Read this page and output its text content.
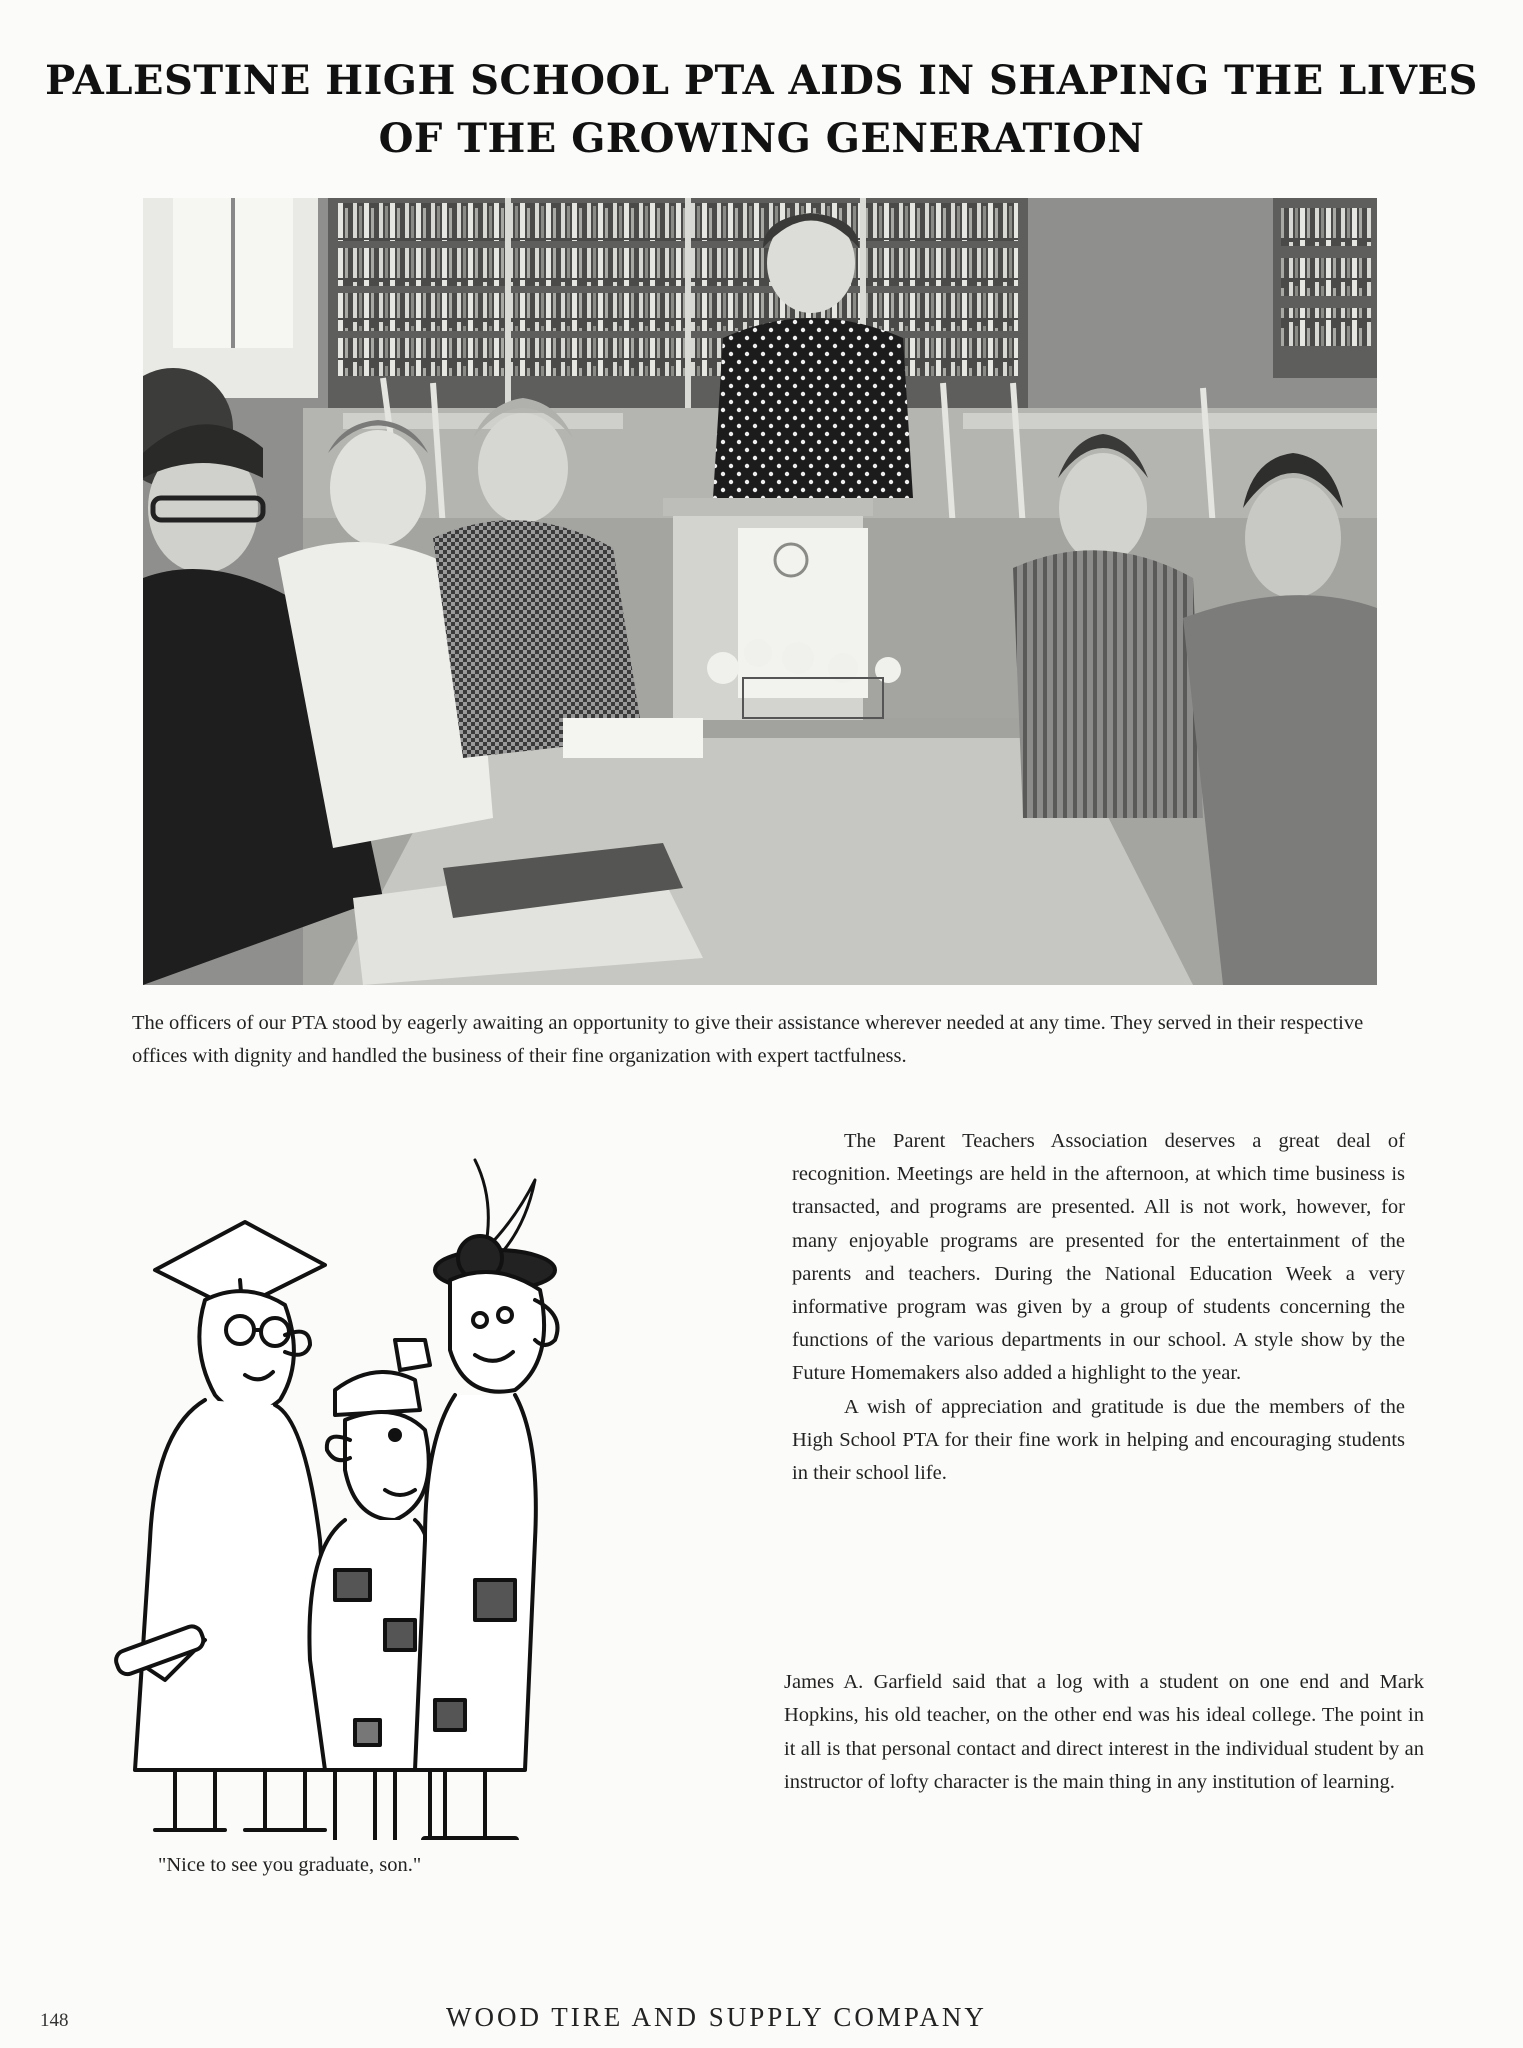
PALESTINE HIGH SCHOOL PTA AIDS IN SHAPING THE LIVES
OF THE GROWING GENERATION
The officers of our PTA stood by eagerly awaiting an opportunity to give their assistance wherever needed at any time. They served in their respective offices with dignity and handled the business of their fine organization with expert tactfulness.

The Parent Teachers Association deserves a great deal of recognition. Meetings are held in the afternoon, at which time business is transacted, and programs are presented. All is not work, however, for many enjoyable programs are presented for the entertainment of the parents and teachers. During the National Education Week a very informative program was given by a group of students concerning the functions of the various departments in our school. A style show by the Future Homemakers also added a highlight to the year.

A wish of appreciation and gratitude is due the members of the High School PTA for their fine work in helping and encouraging students in their school life.

James A. Garfield said that a log with a student on one end and Mark Hopkins, his old teacher, on the other end was his ideal college. The point in it all is that personal contact and direct interest in the individual student by an instructor of lofty character is the main thing in any institution of learning.
"Nice to see you graduate, son."
148	WOOD TIRE AND SUPPLY COMPANY
